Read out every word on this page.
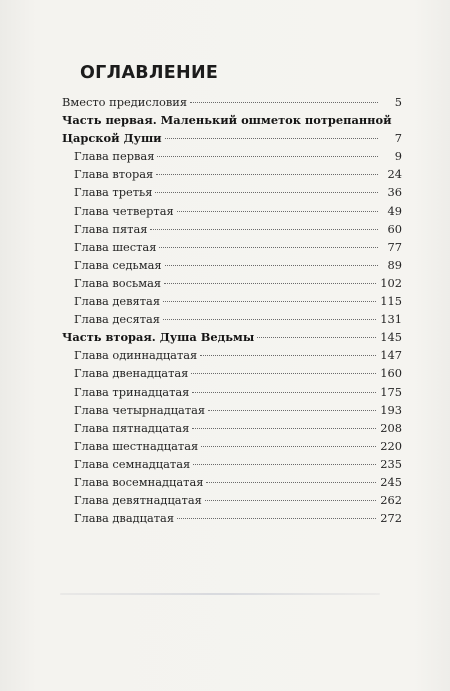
ОГЛАВЛЕНИЕ
Вместо предисловия	5
Часть первая. Маленький ошметок потрепанной
Царской Души	7
Глава первая	9
Глава вторая	24
Глава третья	36
Глава четвертая	49
Глава пятая	60
Глава шестая	77
Глава седьмая	89
Глава восьмая	102
Глава девятая	115
Глава десятая	131
Часть вторая. Душа Ведьмы	145
Глава одиннадцатая	147
Глава двенадцатая	160
Глава тринадцатая	175
Глава четырнадцатая	193
Глава пятнадцатая	208
Глава шестнадцатая	220
Глава семнадцатая	235
Глава восемнадцатая	245
Глава девятнадцатая	262
Глава двадцатая	272
